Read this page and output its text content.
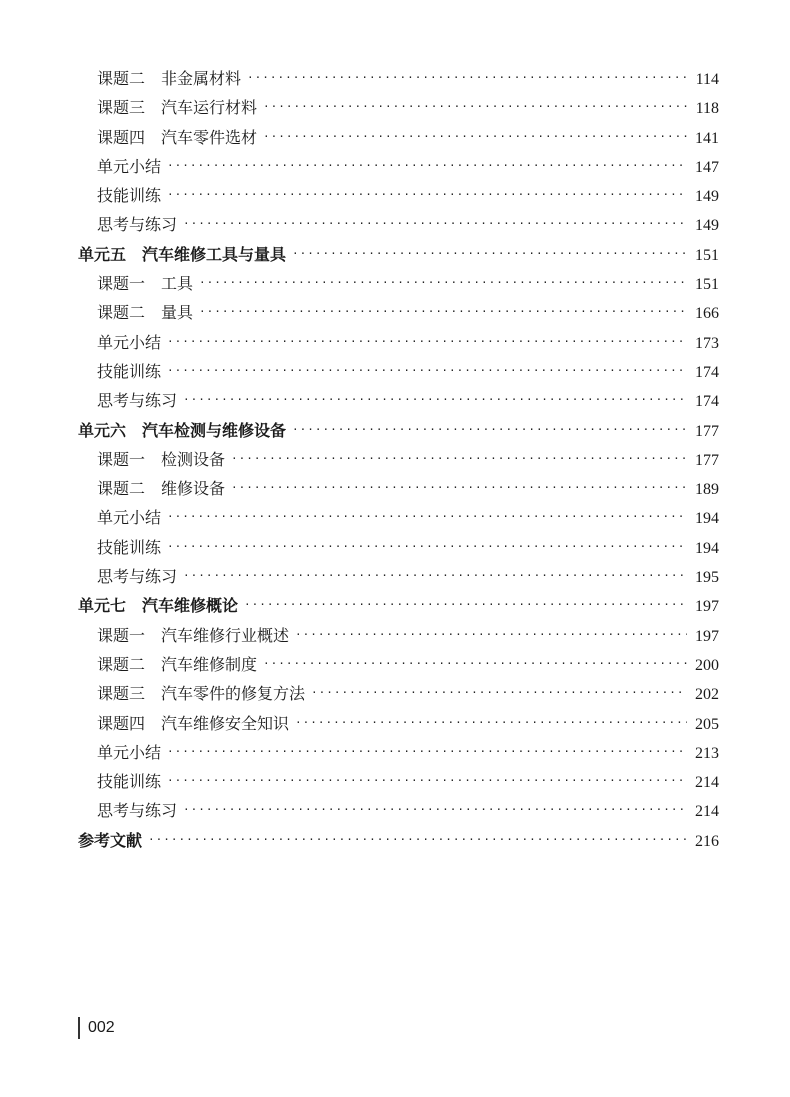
课题二　非金属材料 ·····	114
课题三　汽车运行材料 ·····	118
课题四　汽车零件选材 ·····	141
单元小结 ·····	147
技能训练 ·····	149
思考与练习 ·····	149
单元五　汽车维修工具与量具 ·····	151
课题一　工具 ·····	151
课题二　量具 ·····	166
单元小结 ·····	173
技能训练 ·····	174
思考与练习 ·····	174
单元六　汽车检测与维修设备 ·····	177
课题一　检测设备 ·····	177
课题二　维修设备 ·····	189
单元小结 ·····	194
技能训练 ·····	194
思考与练习 ·····	195
单元七　汽车维修概论 ·····	197
课题一　汽车维修行业概述 ·····	197
课题二　汽车维修制度 ·····	200
课题三　汽车零件的修复方法 ·····	202
课题四　汽车维修安全知识 ·····	205
单元小结 ·····	213
技能训练 ·····	214
思考与练习 ·····	214
参考文献 ·····	216
002
